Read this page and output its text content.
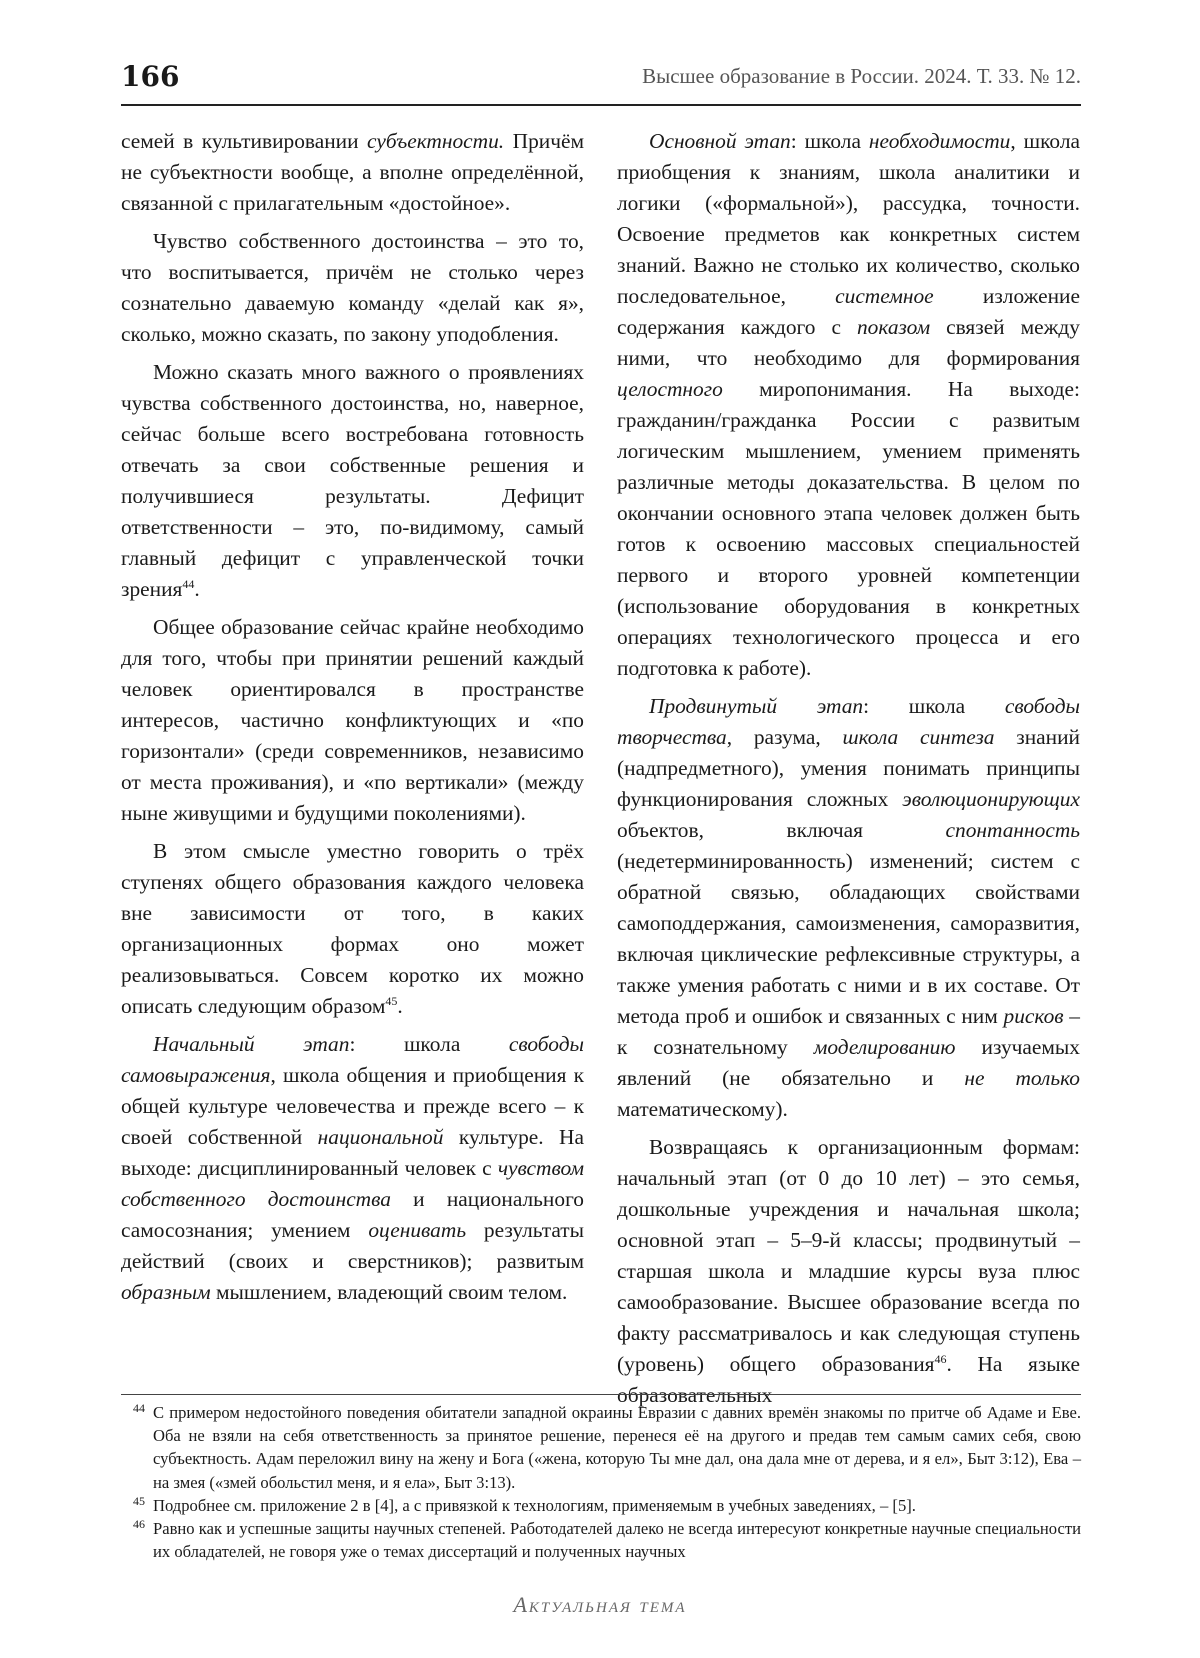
166	Высшее образование в России. 2024. Т. 33. № 12.

семей в культивировании субъектности. Причём не субъектности вообще, а вполне определённой, связанной с прилагательным «достойное».

Чувство собственного достоинства – это то, что воспитывается, причём не столько через сознательно даваемую команду «делай как я», сколько, можно сказать, по закону уподобления.

Можно сказать много важного о проявлениях чувства собственного достоинства, но, наверное, сейчас больше всего востребована готовность отвечать за свои собственные решения и получившиеся результаты. Дефицит ответственности – это, по-видимому, самый главный дефицит с управленческой точки зрения$^{44}$.

Общее образование сейчас крайне необходимо для того, чтобы при принятии решений каждый человек ориентировался в пространстве интересов, частично конфликтующих и «по горизонтали» (среди современников, независимо от места проживания), и «по вертикали» (между ныне живущими и будущими поколениями).

В этом смысле уместно говорить о трёх ступенях общего образования каждого человека вне зависимости от того, в каких организационных формах оно может реализовываться. Совсем коротко их можно описать следующим образом$^{45}$.

Начальный этап: школа свободы самовыражения, школа общения и приобщения к общей культуре человечества и прежде всего – к своей собственной национальной культуре. На выходе: дисциплинированный человек с чувством собственного достоинства и национального самосознания; умением оценивать результаты действий (своих и сверстников); развитым образным мышлением, владеющий своим телом.

Основной этап: школа необходимости, школа приобщения к знаниям, школа аналитики и логики («формальной»), рассудка, точности. Освоение предметов как конкретных систем знаний. Важно не столько их количество, сколько последовательное, системное изложение содержания каждого с показом связей между ними, что необходимо для формирования целостного миропонимания. На выходе: гражданин/гражданка России с развитым логическим мышлением, умением применять различные методы доказательства. В целом по окончании основного этапа человек должен быть готов к освоению массовых специальностей первого и второго уровней компетенции (использование оборудования в конкретных операциях технологического процесса и его подготовка к работе).

Продвинутый этап: школа свободы творчества, разума, школа синтеза знаний (надпредметного), умения понимать принципы функционирования сложных эволюционирующих объектов, включая спонтанность (недетерминированность) изменений; систем с обратной связью, обладающих свойствами самоподдержания, самоизменения, саморазвития, включая циклические рефлексивные структуры, а также умения работать с ними и в их составе. От метода проб и ошибок и связанных с ним рисков – к сознательному моделированию изучаемых явлений (не обязательно и не только математическому).

Возвращаясь к организационным формам: начальный этап (от 0 до 10 лет) – это семья, дошкольные учреждения и начальная школа; основной этап – 5–9-й классы; продвинутый – старшая школа и младшие курсы вуза плюс самообразование. Высшее образование всегда по факту рассматривалось и как следующая ступень (уровень) общего образования$^{46}$. На языке образовательных

44 С примером недостойного поведения обитатели западной окраины Евразии с давних времён знакомы по притче об Адаме и Еве. Оба не взяли на себя ответственность за принятое решение, перенеся её на другого и предав тем самым самих себя, свою субъектность. Адам переложил вину на жену и Бога («жена, которую Ты мне дал, она дала мне от дерева, и я ел», Быт 3:12), Ева – на змея («змей обольстил меня, и я ела», Быт 3:13).

45 Подробнее см. приложение 2 в [4], а с привязкой к технологиям, применяемым в учебных заведениях, – [5].

46 Равно как и успешные защиты научных степеней. Работодателей далеко не всегда интересуют конкретные научные специальности их обладателей, не говоря уже о темах диссертаций и полученных научных

Актуальная тема
